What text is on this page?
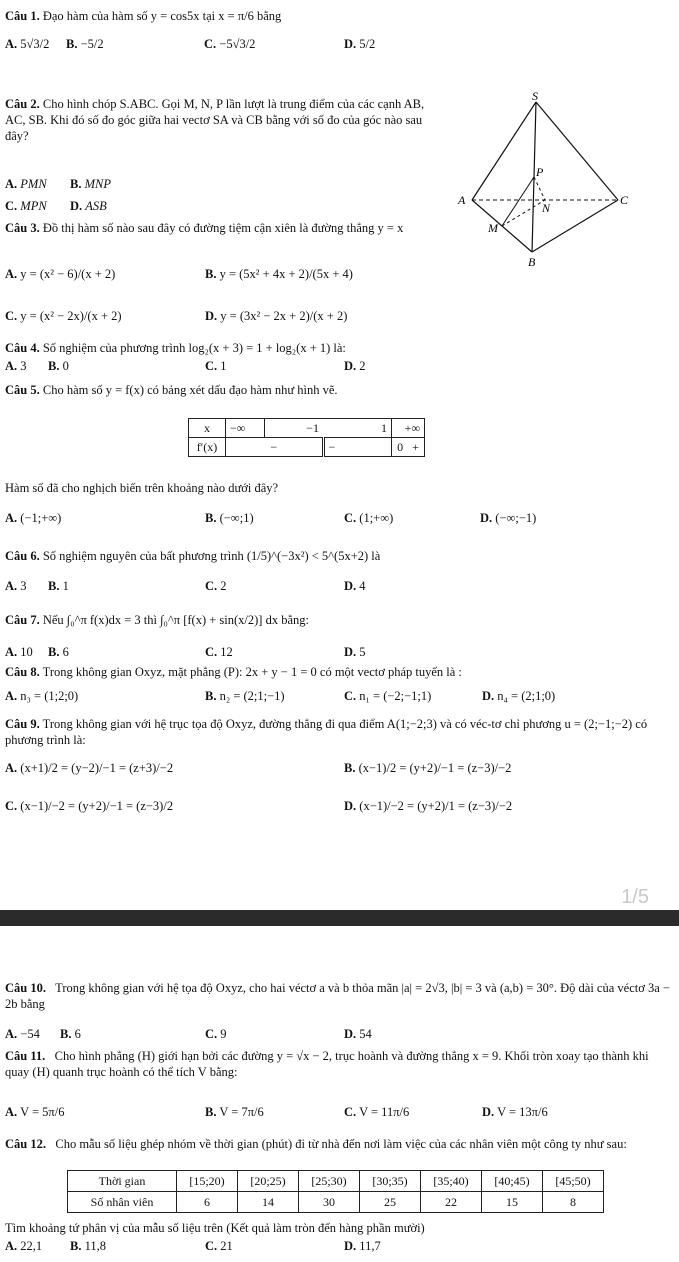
1/5
Câu 1. Đạo hàm của hàm số y = cos5x tại x = π/6 bằng
A. 5√3/2 B. −5/2	C. −5√3/2	D. 5/2
Câu 2. Cho hình chóp S.ABC. Gọi M, N, P lần lượt là trung điểm của các cạnh AB, AC, SB. Khi đó số đo góc giữa hai vectơ SA và CB bằng với số đo của góc nào sau đây?
A. PMN B. MNP
C. MPN D. ASB
S
P
A
N
C
M
B
Câu 3. Đồ thị hàm số nào sau đây có đường tiệm cận xiên là đường thẳng y = x
A. y = (x² − 6)/(x + 2)	B. y = (5x² + 4x + 2)/(5x + 4)
C. y = (x² − 2x)/(x + 2)	D. y = (3x² − 2x + 2)/(x + 2)
Câu 4. Số nghiệm của phương trình log₂(x + 3) = 1 + log₂(x + 1) là:
A. 3 B. 0	C. 1	D. 2
Câu 5. Cho hàm số y = f(x) có bảng xét dấu đạo hàm như hình vẽ.
x	−∞	−1	1	+∞
f′(x)	−		−	0 +
Hàm số đã cho nghịch biến trên khoảng nào dưới đây?
A. (−1;+∞)	B. (−∞;1)	C. (1;+∞)	D. (−∞;−1)
Câu 6. Số nghiệm nguyên của bất phương trình (1/5)^(−3x²) < 5^(5x+2) là
A. 3 B. 1	C. 2	D. 4
Câu 7. Nếu ∫₀^π f(x)dx = 3 thì ∫₀^π [f(x) + sin(x/2)] dx bằng:
A. 10 B. 6	C. 12	D. 5
Câu 8. Trong không gian Oxyz, mặt phẳng (P): 2x + y − 1 = 0 có một vectơ pháp tuyến là :
A. n₃ = (1;2;0)	B. n₂ = (2;1;−1)	C. n₁ = (−2;−1;1)	D. n₄ = (2;1;0)
Câu 9. Trong không gian với hệ trục tọa độ Oxyz, đường thẳng đi qua điểm A(1;−2;3) và có véc-tơ chỉ phương u = (2;−1;−2) có phương trình là:
A. (x+1)/2 = (y−2)/−1 = (z+3)/−2	B. (x−1)/2 = (y+2)/−1 = (z−3)/−2
C. (x−1)/−2 = (y+2)/−1 = (z−3)/2	D. (x−1)/−2 = (y+2)/1 = (z−3)/−2
Câu 10. Trong không gian với hệ tọa độ Oxyz, cho hai véctơ a và b thỏa mãn |a| = 2√3, |b| = 3 và (a,b) = 30°. Độ dài của véctơ 3a − 2b bằng
A. −54 B. 6	C. 9	D. 54
Câu 11. Cho hình phẳng (H) giới hạn bởi các đường y = √x − 2, trục hoành và đường thẳng x = 9. Khối tròn xoay tạo thành khi quay (H) quanh trục hoành có thể tích V bằng:
A. V = 5π/6	B. V = 7π/6	C. V = 11π/6	D. V = 13π/6
Câu 12. Cho mẫu số liệu ghép nhóm về thời gian (phút) đi từ nhà đến nơi làm việc của các nhân viên một công ty như sau:
Thời gian	[15;20)	[20;25)	[25;30)	[30;35)	[35;40)	[40;45)	[45;50)
Số nhân viên	6	14	30	25	22	15	8
Tìm khoảng tứ phân vị của mẫu số liệu trên (Kết quả làm tròn đến hàng phần mười)
A. 22,1 B. 11,8	C. 21	D. 11,7
